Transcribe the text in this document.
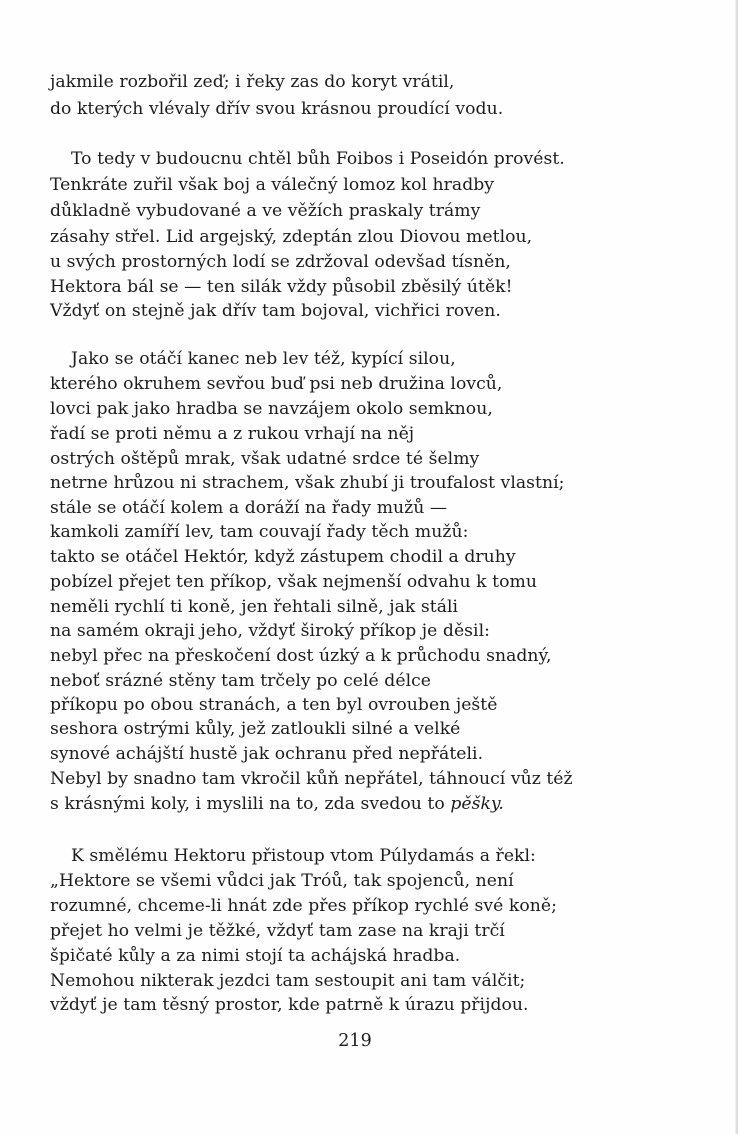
jakmile rozbořil zeď; i řeky zas do koryt vrátil,
do kterých vlévaly dřív svou krásnou proudící vodu.
To tedy v budoucnu chtěl bůh Foibos i Poseidón provést.
Tenkráte zuřil však boj a válečný lomoz kol hradby
důkladně vybudované a ve věžích praskaly trámy
zásahy střel. Lid argejský, zdeptán zlou Diovou metlou,
u svých prostorných lodí se zdržoval odevšad tísněn,
Hektora bál se — ten silák vždy působil zběsilý útěk!
Vždyť on stejně jak dřív tam bojoval, vichřici roven.
Jako se otáčí kanec neb lev též, kypící silou,
kterého okruhem sevřou buď psi neb družina lovců,
lovci pak jako hradba se navzájem okolo semknou,
řadí se proti němu a z rukou vrhají na něj
ostrých oštěpů mrak, však udatné srdce té šelmy
netrne hrůzou ni strachem, však zhubí ji troufalost vlastní;
stále se otáčí kolem a doráží na řady mužů —
kamkoli zamíří lev, tam couvají řady těch mužů:
takto se otáčel Hektór, když zástupem chodil a druhy
pobízel přejet ten příkop, však nejmenší odvahu k tomu
neměli rychlí ti koně, jen řehtali silně, jak stáli
na samém okraji jeho, vždyť široký příkop je děsil:
nebyl přec na přeskočení dost úzký a k průchodu snadný,
neboť srázné stěny tam trčely po celé délce
příkopu po obou stranách, a ten byl ovrouben ještě
seshora ostrými kůly, jež zatloukli silné a velké
synové achájští hustě jak ochranu před nepřáteli.
Nebyl by snadno tam vkročil kůň nepřátel, táhnoucí vůz též
s krásnými koly, i myslili na to, zda svedou to pěšky.
K smělému Hektoru přistoup vtom Púlydamás a řekl:
„Hektore se všemi vůdci jak Tróů, tak spojenců, není
rozumné, chceme-li hnát zde přes příkop rychlé své koně;
přejet ho velmi je těžké, vždyť tam zase na kraji trčí
špičaté kůly a za nimi stojí ta achájská hradba.
Nemohou nikterak jezdci tam sestoupit ani tam válčit;
vždyť je tam těsný prostor, kde patrně k úrazu přijdou.
219
